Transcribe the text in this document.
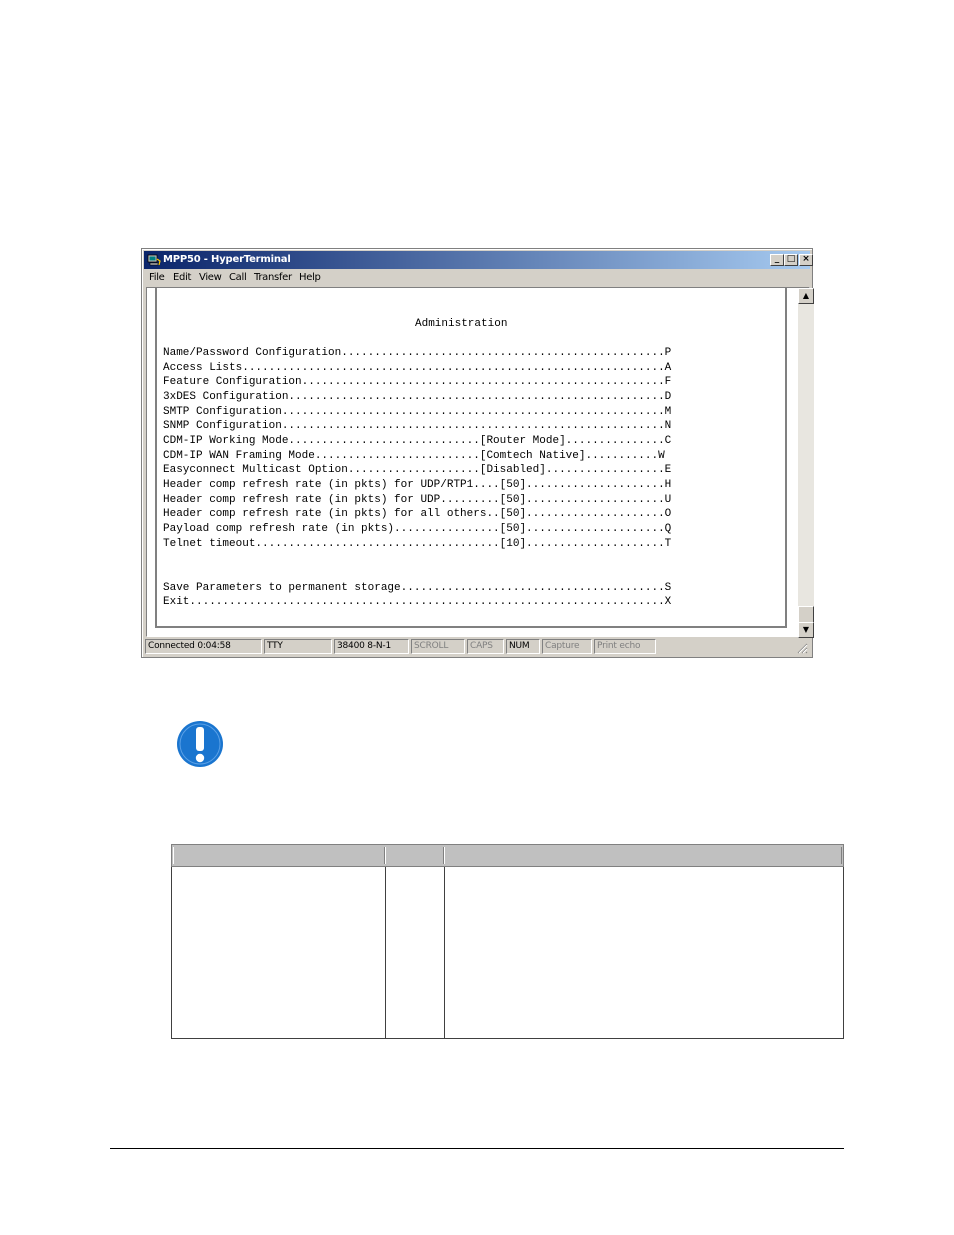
MPP50 - HyperTerminal	_ □ ×
File Edit View Call Transfer Help
Administration
Name/Password Configuration.................................................P
Access Lists................................................................A
Feature Configuration.......................................................F
3xDES Configuration.........................................................D
SMTP Configuration..........................................................M
SNMP Configuration..........................................................N
CDM-IP Working Mode.............................[Router Mode]...............C
CDM-IP WAN Framing Mode.........................[Comtech Native]...........W
Easyconnect Multicast Option....................[Disabled]..................E
Header comp refresh rate (in pkts) for UDP/RTP1....[50].....................H
Header comp refresh rate (in pkts) for UDP.........[50].....................U
Header comp refresh rate (in pkts) for all others..[50].....................O
Payload comp refresh rate (in pkts)................[50].....................Q
Telnet timeout.....................................[10].....................T
Save Parameters to permanent storage........................................S
Exit........................................................................X
▲
▼
Connected 0:04:58	TTY	38400 8-N-1	SCROLL	CAPS	NUM	Capture	Print echo
